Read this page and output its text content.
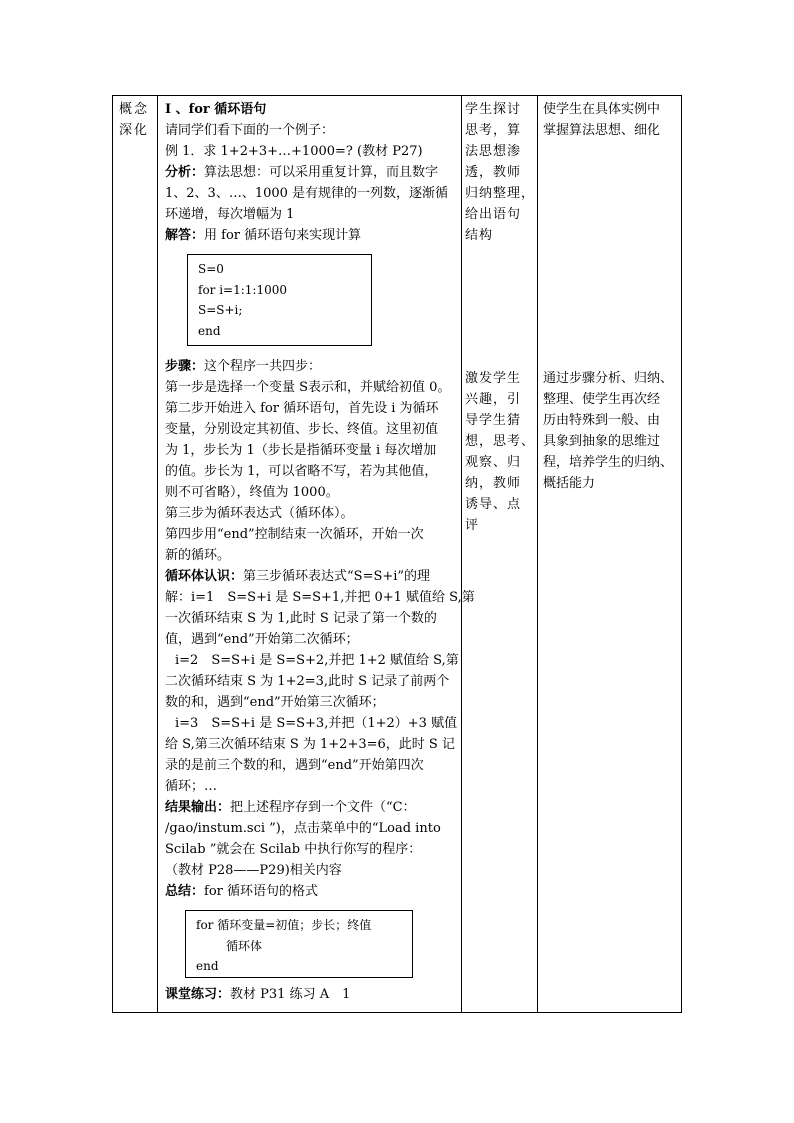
概念
深化
I 、for 循环语句
请同学们看下面的一个例子：
例 1．求 1+2+3+…+1000=? (教材 P27)
分析：算法思想：可以采用重复计算，而且数字
1、2、3、…、1000 是有规律的一列数，逐渐循
环递增，每次增幅为 1
解答：用 for 循环语句来实现计算
S=0
for i=1:1:1000
S=S+i;
end
步骤：这个程序一共四步：
第一步是选择一个变量 S表示和，并赋给初值 0。
第二步开始进入 for 循环语句，首先设 i 为循环
变量，分别设定其初值、步长、终值。这里初值
为 1，步长为 1（步长是指循环变量 i 每次增加
的值。步长为 1，可以省略不写，若为其他值，
则不可省略），终值为 1000。
第三步为循环表达式（循环体）。
第四步用“end”控制结束一次循环，开始一次
新的循环。
循环体认识：第三步循环表达式“S=S+i”的理
解：i=1　S=S+i 是 S=S+1,并把 0+1 赋值给 S,第
一次循环结束 S 为 1,此时 S 记录了第一个数的
值，遇到“end”开始第二次循环；
i=2　S=S+i 是 S=S+2,并把 1+2 赋值给 S,第
二次循环结束 S 为 1+2=3,此时 S 记录了前两个
数的和，遇到“end”开始第三次循环；
i=3　S=S+i 是 S=S+3,并把（1+2）+3 赋值
给 S,第三次循环结束 S 为 1+2+3=6，此时 S 记
录的是前三个数的和，遇到“end”开始第四次
循环；…
结果输出：把上述程序存到一个文件（“C：
/gao/instum.sci ”)，点击菜单中的“Load into
Scilab ”就会在 Scilab 中执行你写的程序：
（教材 P28——P29)相关内容
总结：for 循环语句的格式
for 循环变量=初值；步长；终值
循环体
end
课堂练习：教材 P31 练习 A　1
学生探讨
思考，算
法思想渗
透，教师
归纳整理，
给出语句
结构
激发学生
兴趣，引
导学生猜
想，思考、
观察、归
纳，教师
诱导、点
评
使学生在具体实例中
掌握算法思想、细化
通过步骤分析、归纳、
整理、使学生再次经
历由特殊到一般、由
具象到抽象的思维过
程，培养学生的归纳、
概括能力
